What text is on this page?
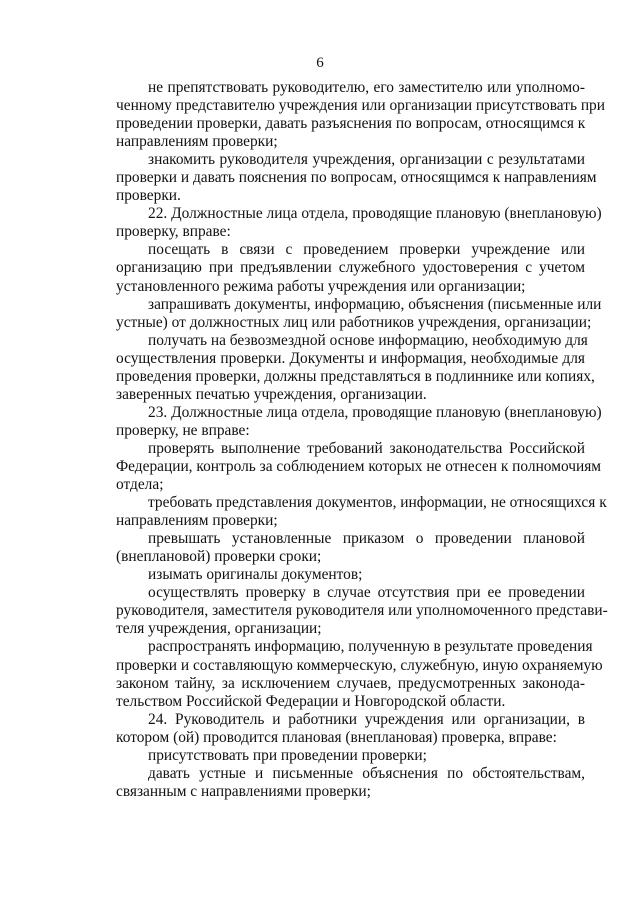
6
не препятствовать руководителю, его заместителю или уполномо-
ченному представителю учреждения или организации присутствовать при
проведении проверки, давать разъяснения по вопросам, относящимся к
направлениям проверки;
знакомить руководителя учреждения, организации с результатами
проверки и давать пояснения по вопросам, относящимся к направлениям
проверки.
22. Должностные лица отдела, проводящие плановую (внеплановую)
проверку, вправе:
посещать в связи с проведением проверки учреждение или
организацию при предъявлении служебного удостоверения с учетом
установленного режима работы учреждения или организации;
запрашивать документы, информацию, объяснения (письменные или
устные) от должностных лиц или работников учреждения, организации;
получать на безвозмездной основе информацию, необходимую для
осуществления проверки. Документы и информация, необходимые для
проведения проверки, должны представляться в подлиннике или копиях,
заверенных печатью учреждения, организации.
23. Должностные лица отдела, проводящие плановую (внеплановую)
проверку, не вправе:
проверять выполнение требований законодательства Российской
Федерации, контроль за соблюдением которых не отнесен к полномочиям
отдела;
требовать представления документов, информации, не относящихся к
направлениям проверки;
превышать установленные приказом о проведении плановой
(внеплановой) проверки сроки;
изымать оригиналы документов;
осуществлять проверку в случае отсутствия при ее проведении
руководителя, заместителя руководителя или уполномоченного представи-
теля учреждения, организации;
распространять информацию, полученную в результате проведения
проверки и составляющую коммерческую, служебную, иную охраняемую
законом тайну, за исключением случаев, предусмотренных законода-
тельством Российской Федерации и Новгородской области.
24. Руководитель и работники учреждения или организации, в
котором (ой) проводится плановая (внеплановая) проверка, вправе:
присутствовать при проведении проверки;
давать устные и письменные объяснения по обстоятельствам,
связанным с направлениями проверки;
